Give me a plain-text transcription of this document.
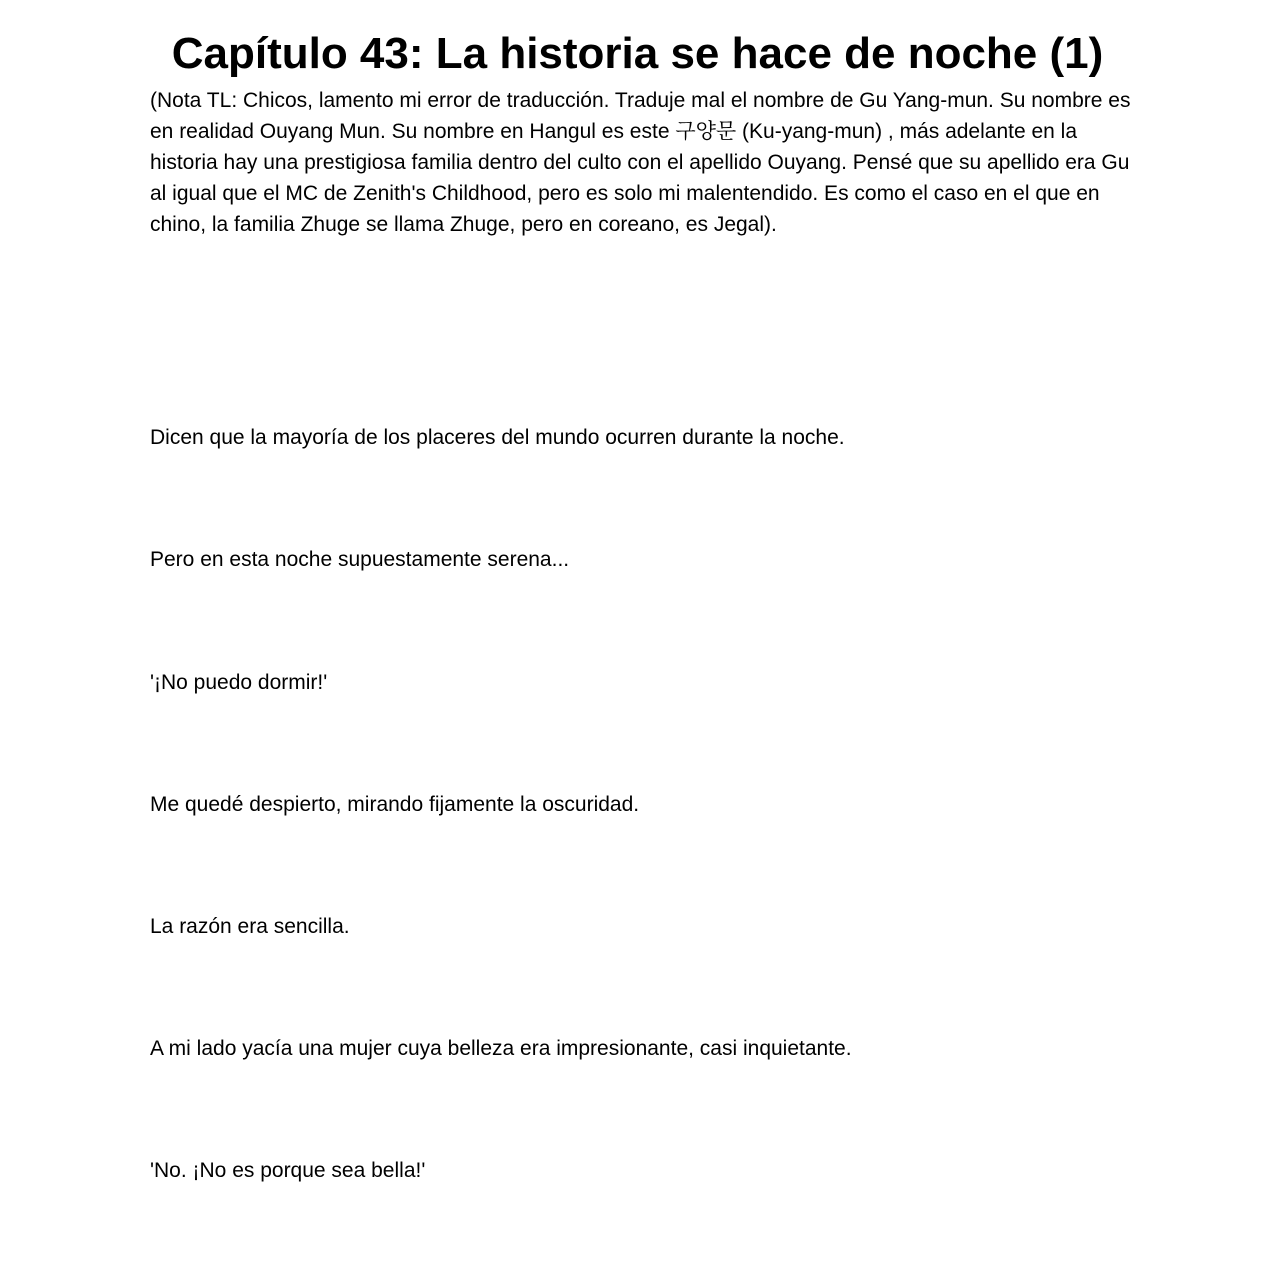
Capítulo 43: La historia se hace de noche (1)

(Nota TL: Chicos, lamento mi error de traducción. Traduje mal el nombre de Gu Yang-mun. Su nombre es en realidad Ouyang Mun. Su nombre en Hangul es este 구양문 (Ku-yang-mun) , más adelante en la historia hay una prestigiosa familia dentro del culto con el apellido Ouyang. Pensé que su apellido era Gu al igual que el MC de Zenith's Childhood, pero es solo mi malentendido. Es como el caso en el que en chino, la familia Zhuge se llama Zhuge, pero en coreano, es Jegal).

Dicen que la mayoría de los placeres del mundo ocurren durante la noche.

Pero en esta noche supuestamente serena...

'¡No puedo dormir!'

Me quedé despierto, mirando fijamente la oscuridad.

La razón era sencilla.

A mi lado yacía una mujer cuya belleza era impresionante, casi inquietante.

'No. ¡No es porque sea bella!'
